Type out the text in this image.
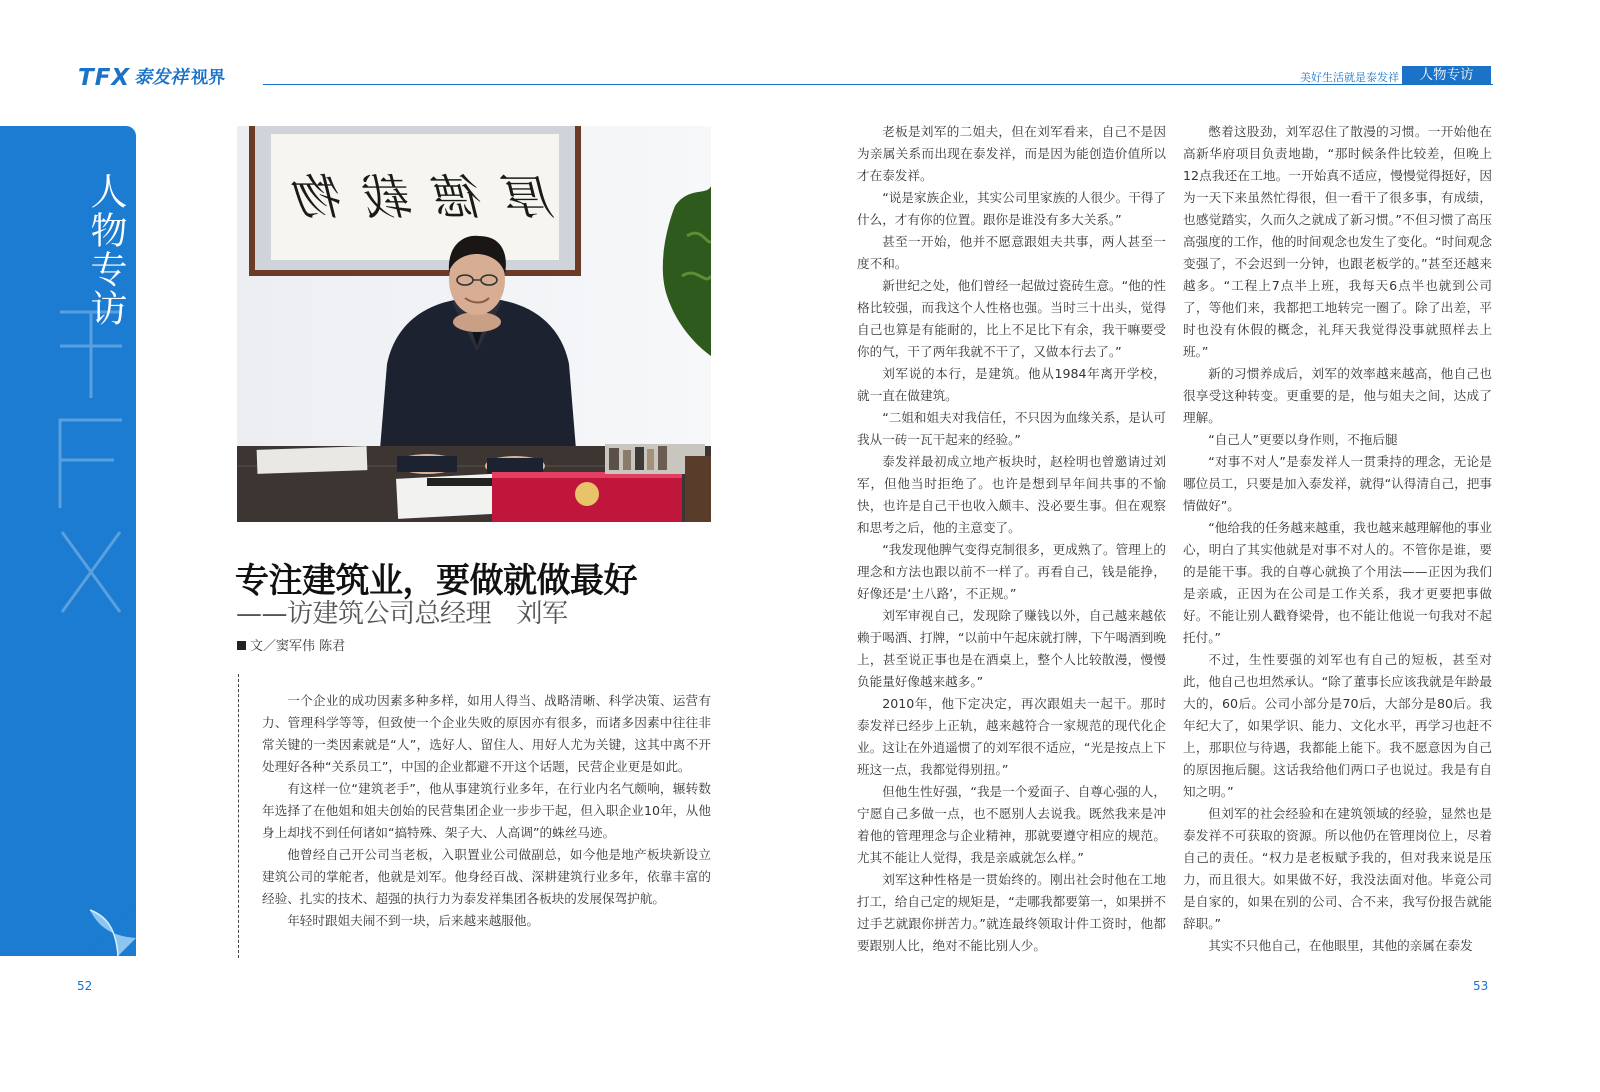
TFX 泰发祥 视界	美好生活就是泰发祥	人物专访
人物专访	厚德载物
专注建筑业，要做就做最好
——访建筑公司总经理　刘军
文／窦军伟 陈君

一个企业的成功因素多种多样，如用人得当、战略清晰、科学决策、运营有力、管理科学等等，但致使一个企业失败的原因亦有很多，而诸多因素中往往非常关键的一类因素就是“人”，选好人、留住人、用好人尤为关键，这其中离不开处理好各种“关系员工”，中国的企业都避不开这个话题，民营企业更是如此。

有这样一位“建筑老手”，他从事建筑行业多年，在行业内名气颇响，辗转数年选择了在他姐和姐夫创始的民营集团企业一步步干起，但入职企业10年，从他身上却找不到任何诸如“搞特殊、架子大、人高调”的蛛丝马迹。

他曾经自己开公司当老板，入职置业公司做副总，如今他是地产板块新设立建筑公司的掌舵者，他就是刘军。他身经百战、深耕建筑行业多年，依靠丰富的经验、扎实的技术、超强的执行力为泰发祥集团各板块的发展保驾护航。

年轻时跟姐夫闹不到一块，后来越来越服他。

老板是刘军的二姐夫，但在刘军看来，自己不是因为亲属关系而出现在泰发祥，而是因为能创造价值所以才在泰发祥。

“说是家族企业，其实公司里家族的人很少。干得了什么，才有你的位置。跟你是谁没有多大关系。”

甚至一开始，他并不愿意跟姐夫共事，两人甚至一度不和。

新世纪之处，他们曾经一起做过瓷砖生意。“他的性格比较强，而我这个人性格也强。当时三十出头，觉得自己也算是有能耐的，比上不足比下有余，我干嘛要受你的气，干了两年我就不干了，又做本行去了。”

刘军说的本行，是建筑。他从1984年离开学校，就一直在做建筑。

“二姐和姐夫对我信任，不只因为血缘关系，是认可我从一砖一瓦干起来的经验。”

泰发祥最初成立地产板块时，赵栓明也曾邀请过刘军，但他当时拒绝了。也许是想到早年间共事的不愉快，也许是自己干也收入颇丰、没必要生事。但在观察和思考之后，他的主意变了。

“我发现他脾气变得克制很多，更成熟了。管理上的理念和方法也跟以前不一样了。再看自己，钱是能挣，好像还是‘土八路’，不正规。”

刘军审视自己，发现除了赚钱以外，自己越来越依赖于喝酒、打牌，“以前中午起床就打牌，下午喝酒到晚上，甚至说正事也是在酒桌上，整个人比较散漫，慢慢负能量好像越来越多。”

2010年，他下定决定，再次跟姐夫一起干。那时泰发祥已经步上正轨，越来越符合一家规范的现代化企业。这让在外逍遥惯了的刘军很不适应，“光是按点上下班这一点，我都觉得别扭。”

但他生性好强，“我是一个爱面子、自尊心强的人，宁愿自己多做一点，也不愿别人去说我。既然我来是冲着他的管理理念与企业精神，那就要遵守相应的规范。尤其不能让人觉得，我是亲戚就怎么样。”

刘军这种性格是一贯始终的。刚出社会时他在工地打工，给自己定的规矩是，“走哪我都要第一，如果拼不过手艺就跟你拼苦力。”就连最终领取计件工资时，他都要跟别人比，绝对不能比别人少。

憋着这股劲，刘军忍住了散漫的习惯。一开始他在高新华府项目负责地勘，“那时候条件比较差，但晚上12点我还在工地。一开始真不适应，慢慢觉得挺好，因为一天下来虽然忙得很，但一看干了很多事，有成绩，也感觉踏实，久而久之就成了新习惯。”不但习惯了高压高强度的工作，他的时间观念也发生了变化。“时间观念变强了，不会迟到一分钟，也跟老板学的。”甚至还越来越多。“工程上7点半上班，我每天6点半也就到公司了，等他们来，我都把工地转完一圈了。除了出差，平时也没有休假的概念，礼拜天我觉得没事就照样去上班。”

新的习惯养成后，刘军的效率越来越高，他自己也很享受这种转变。更重要的是，他与姐夫之间，达成了理解。

“自己人”更要以身作则，不拖后腿

“对事不对人”是泰发祥人一贯秉持的理念，无论是哪位员工，只要是加入泰发祥，就得“认得清自己，把事情做好”。

“他给我的任务越来越重，我也越来越理解他的事业心，明白了其实他就是对事不对人的。不管你是谁，要的是能干事。我的自尊心就换了个用法——正因为我们是亲戚，正因为在公司是工作关系，我才更要把事做好。不能让别人戳脊梁骨，也不能让他说一句我对不起托付。”

不过，生性要强的刘军也有自己的短板，甚至对此，他自己也坦然承认。“除了董事长应该我就是年龄最大的，60后。公司小部分是70后，大部分是80后。我年纪大了，如果学识、能力、文化水平，再学习也赶不上，那职位与待遇，我都能上能下。我不愿意因为自己的原因拖后腿。这话我给他们两口子也说过。我是有自知之明。”

但刘军的社会经验和在建筑领域的经验，显然也是泰发祥不可获取的资源。所以他仍在管理岗位上，尽着自己的责任。“权力是老板赋予我的，但对我来说是压力，而且很大。如果做不好，我没法面对他。毕竟公司是自家的，如果在别的公司、合不来，我写份报告就能辞职。”

其实不只他自己，在他眼里，其他的亲属在泰发

52	53
